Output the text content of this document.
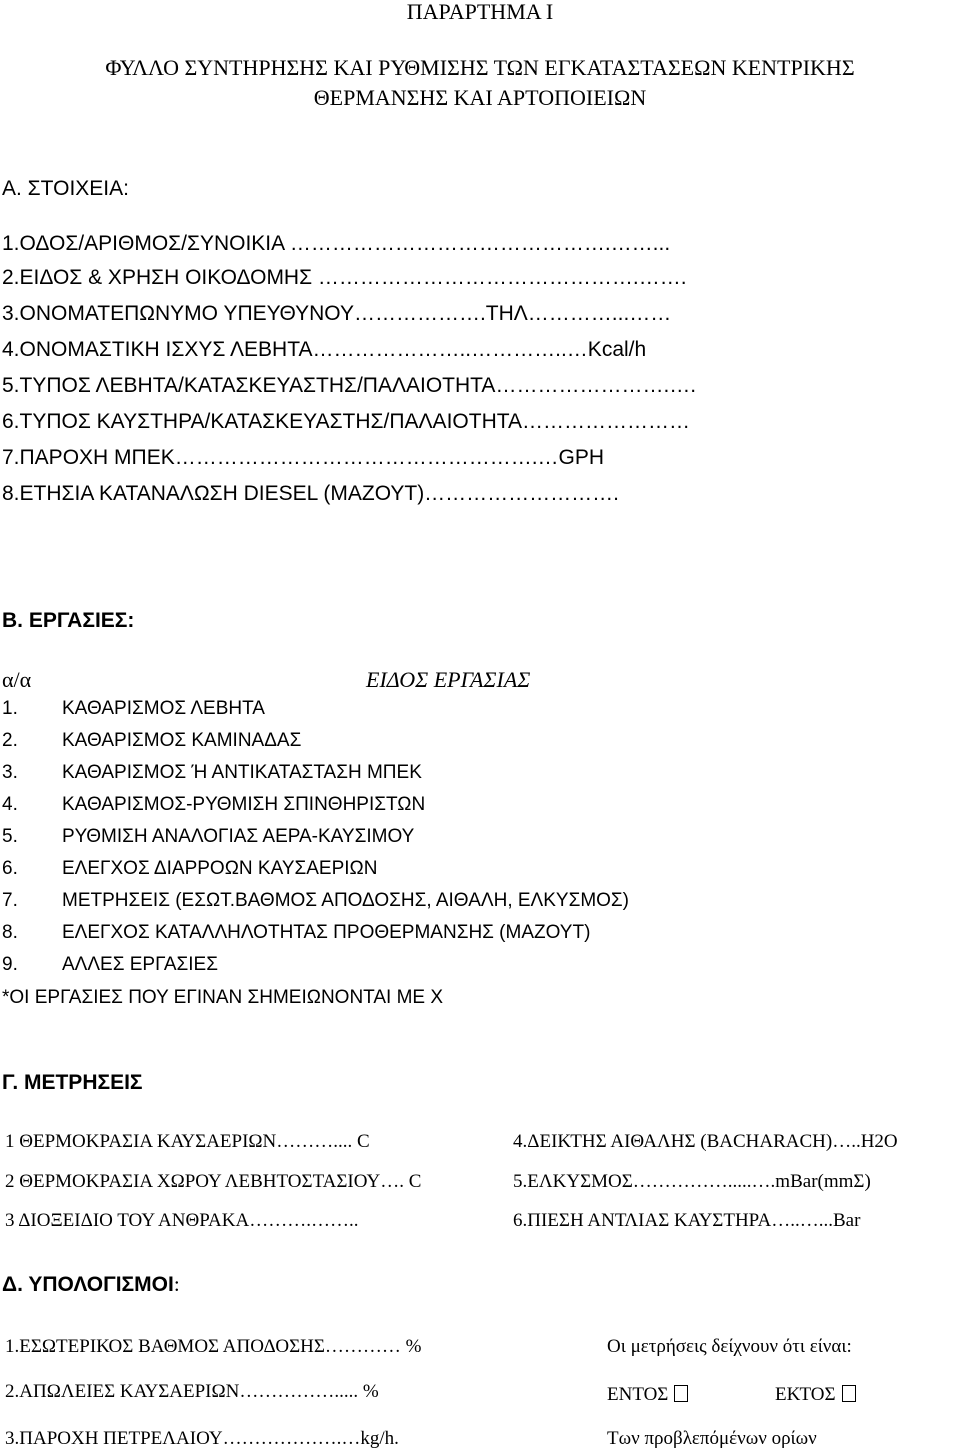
ΠΑΡΑΡΤΗΜΑ Ι
ΦΥΛΛΟ ΣΥΝΤΗΡΗΣΗΣ ΚΑΙ ΡΥΘΜΙΣΗΣ ΤΩΝ ΕΓΚΑΤΑΣΤΑΣΕΩΝ ΚΕΝΤΡΙΚΗΣ
ΘΕΡΜΑΝΣΗΣ ΚΑΙ ΑΡΤΟΠΟΙΕΙΩΝ
Α. ΣΤΟΙΧΕΙΑ:
1.ΟΔΟΣ/ΑΡΙΘΜΟΣ/ΣΥΝΟΙΚΙΑ ……………………………………….……...
2.ΕΙΔΟΣ & ΧΡΗΣΗ ΟΙΚΟΔΟΜΗΣ ……………………………………….…….
3.ΟΝΟΜΑΤΕΠΩΝΥΜΟ ΥΠΕΥΘΥΝΟΥ……………….ΤΗΛ…………...……
4.ΟΝΟΜΑΣΤΙΚΗ ΙΣΧΥΣ ΛΕΒΗΤΑ…………………..…………..…Kcal/h
5.ΤΥΠΟΣ ΛΕΒΗΤΑ/ΚΑΤΑΣΚΕΥΑΣΤΗΣ/ΠΑΛΑΙΟΤΗΤΑ…………………….….
6.ΤΥΠΟΣ ΚΑΥΣΤΗΡΑ/ΚΑΤΑΣΚΕΥΑΣΤΗΣ/ΠΑΛΑΙΟΤΗΤΑ……………………
7.ΠΑΡΟΧΗ ΜΠΕΚ…………………………………………….…GPH
8.ΕΤΗΣΙΑ ΚΑΤΑΝΑΛΩΣΗ DIESEL (ΜΑΖΟΥΤ)……………………….
Β. ΕΡΓΑΣΙΕΣ:
α/α	ΕΙΔΟΣ ΕΡΓΑΣΙΑΣ
1. ΚΑΘΑΡΙΣΜΟΣ ΛΕΒΗΤΑ
2. ΚΑΘΑΡΙΣΜΟΣ ΚΑΜΙΝΑΔΑΣ
3. ΚΑΘΑΡΙΣΜΟΣ Ή ΑΝΤΙΚΑΤΑΣΤΑΣΗ ΜΠΕΚ
4. ΚΑΘΑΡΙΣΜΟΣ-ΡΥΘΜΙΣΗ ΣΠΙΝΘΗΡΙΣΤΩΝ
5. ΡΥΘΜΙΣΗ ΑΝΑΛΟΓΙΑΣ ΑΕΡΑ-ΚΑΥΣΙΜΟΥ
6. ΕΛΕΓΧΟΣ ΔΙΑΡΡΟΩΝ ΚΑΥΣΑΕΡΙΩΝ
7. ΜΕΤΡΗΣΕΙΣ (ΕΣΩΤ.ΒΑΘΜΟΣ ΑΠΟΔΟΣΗΣ, ΑΙΘΑΛΗ, ΕΛΚΥΣΜΟΣ)
8. ΕΛΕΓΧΟΣ ΚΑΤΑΛΛΗΛΟΤΗΤΑΣ ΠΡΟΘΕΡΜΑΝΣΗΣ (ΜΑΖΟΥΤ)
9. ΑΛΛΕΣ ΕΡΓΑΣΙΕΣ
*ΟΙ ΕΡΓΑΣΙΕΣ ΠΟΥ ΕΓΙΝΑΝ ΣΗΜΕΙΩΝΟΝΤΑΙ ΜΕ Χ
Γ. ΜΕΤΡΗΣΕΙΣ
1 ΘΕΡΜΟΚΡΑΣΙΑ ΚΑΥΣΑΕΡΙΩΝ……….... C
2 ΘΕΡΜΟΚΡΑΣΙΑ ΧΩΡΟΥ ΛΕΒΗΤΟΣΤΑΣΙΟΥ…. C
3 ΔΙΟΞΕΙΔΙΟ ΤΟΥ ΑΝΘΡΑΚΑ……….……..
4.ΔΕΙΚΤΗΣ ΑΙΘΑΛΗΣ (BACHARACH)…..H2O
5.ΕΛΚΥΣΜΟΣ…………….....….mBar(mmΣ)
6.ΠΙΕΣΗ ΑΝΤΛΙΑΣ ΚΑΥΣΤΗΡΑ…..…...Bar
Δ. ΥΠΟΛΟΓΙΣΜΟΙ:
1.ΕΣΩΤΕΡΙΚΟΣ ΒΑΘΜΟΣ ΑΠΟΔΟΣΗΣ………… %
2.ΑΠΩΛΕΙΕΣ ΚΑΥΣΑΕΡΙΩΝ……………..... %
3.ΠΑΡΟΧΗ ΠΕΤΡΕΛΑΙΟΥ……………….…kg/h.
Οι μετρήσεις δείχνουν ότι είναι:
ΕΝΤΟΣ	ΕΚΤΟΣ
Των προβλεπόμένων ορίων
